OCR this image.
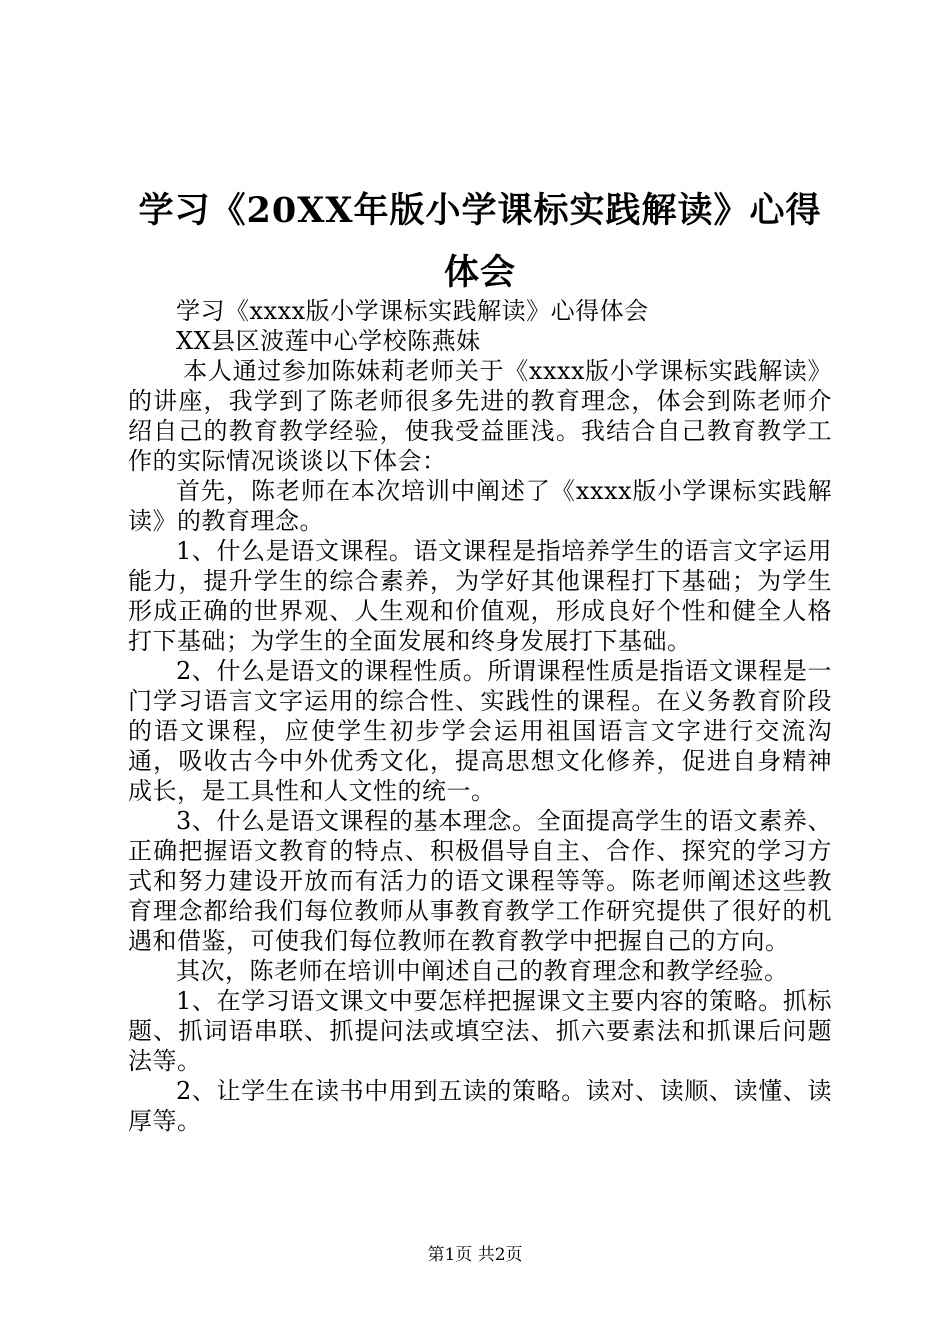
学习《20XX年版小学课标实践解读》心得体会

学习《xxxx版小学课标实践解读》心得体会

XX县区波莲中心学校陈燕妹

本人通过参加陈妹莉老师关于《xxxx版小学课标实践解读》的讲座，我学到了陈老师很多先进的教育理念，体会到陈老师介绍自己的教育教学经验，使我受益匪浅。我结合自己教育教学工作的实际情况谈谈以下体会：

首先，陈老师在本次培训中阐述了《xxxx版小学课标实践解读》的教育理念。

1、什么是语文课程。语文课程是指培养学生的语言文字运用能力，提升学生的综合素养，为学好其他课程打下基础；为学生形成正确的世界观、人生观和价值观，形成良好个性和健全人格打下基础；为学生的全面发展和终身发展打下基础。

2、什么是语文的课程性质。所谓课程性质是指语文课程是一门学习语言文字运用的综合性、实践性的课程。在义务教育阶段的语文课程，应使学生初步学会运用祖国语言文字进行交流沟通，吸收古今中外优秀文化，提高思想文化修养，促进自身精神成长，是工具性和人文性的统一。

3、什么是语文课程的基本理念。全面提高学生的语文素养、正确把握语文教育的特点、积极倡导自主、合作、探究的学习方式和努力建设开放而有活力的语文课程等等。陈老师阐述这些教育理念都给我们每位教师从事教育教学工作研究提供了很好的机遇和借鉴，可使我们每位教师在教育教学中把握自己的方向。

其次，陈老师在培训中阐述自己的教育理念和教学经验。

1、在学习语文课文中要怎样把握课文主要内容的策略。抓标题、抓词语串联、抓提问法或填空法、抓六要素法和抓课后问题法等。

2、让学生在读书中用到五读的策略。读对、读顺、读懂、读厚等。

第1页 共2页
